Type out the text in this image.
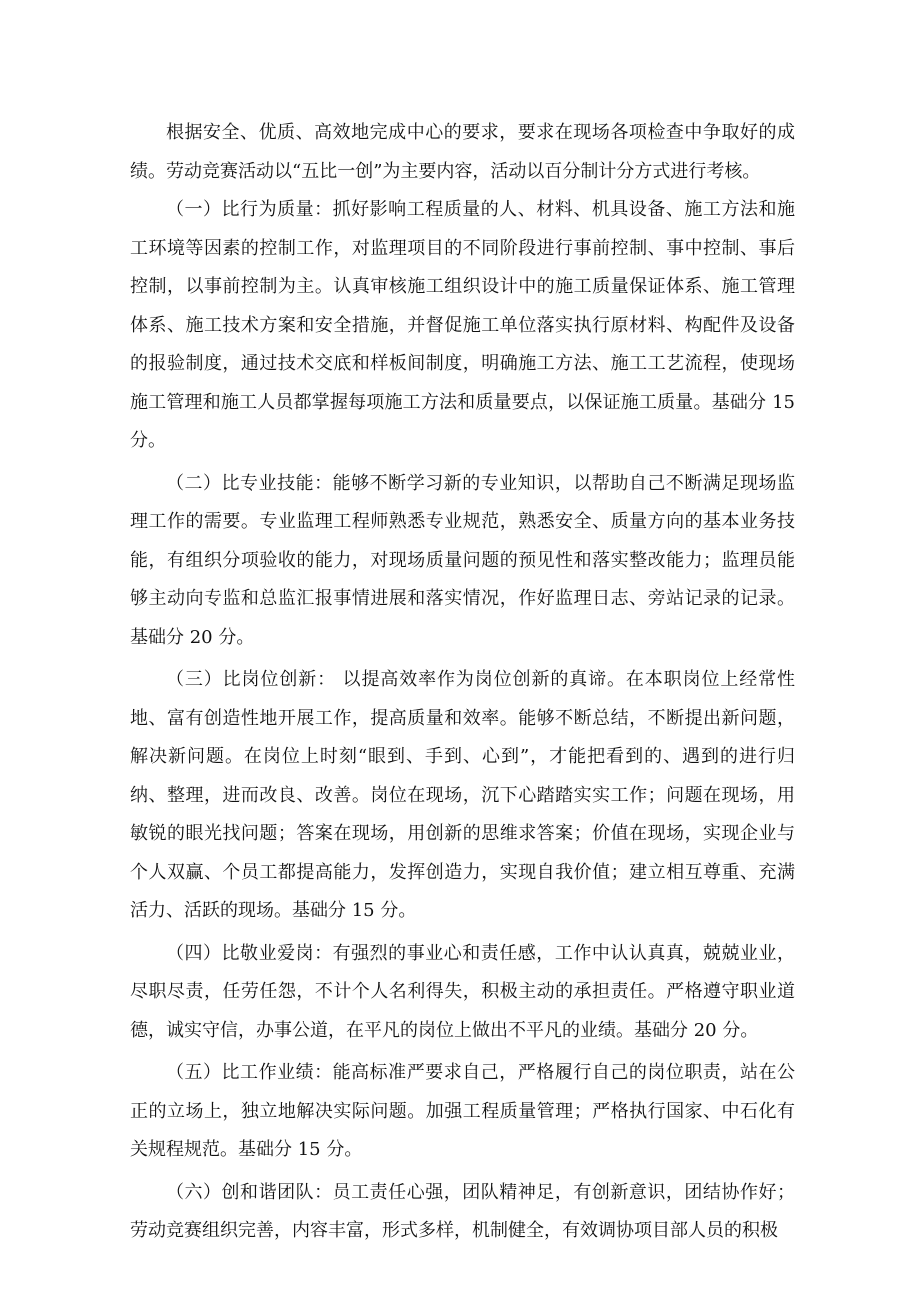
根据安全、优质、高效地完成中心的要求，要求在现场各项检查中争取好的成绩。劳动竞赛活动以“五比一创”为主要内容，活动以百分制计分方式进行考核。

（一）比行为质量：抓好影响工程质量的人、材料、机具设备、施工方法和施工环境等因素的控制工作，对监理项目的不同阶段进行事前控制、事中控制、事后控制，以事前控制为主。认真审核施工组织设计中的施工质量保证体系、施工管理体系、施工技术方案和安全措施，并督促施工单位落实执行原材料、构配件及设备的报验制度，通过技术交底和样板间制度，明确施工方法、施工工艺流程，使现场施工管理和施工人员都掌握每项施工方法和质量要点，以保证施工质量。基础分 15 分。

（二）比专业技能：能够不断学习新的专业知识，以帮助自己不断满足现场监理工作的需要。专业监理工程师熟悉专业规范，熟悉安全、质量方向的基本业务技能，有组织分项验收的能力，对现场质量问题的预见性和落实整改能力；监理员能够主动向专监和总监汇报事情进展和落实情况，作好监理日志、旁站记录的记录。基础分 20 分。

（三）比岗位创新： 以提高效率作为岗位创新的真谛。在本职岗位上经常性地、富有创造性地开展工作，提高质量和效率。能够不断总结，不断提出新问题，解决新问题。在岗位上时刻“眼到、手到、心到”，才能把看到的、遇到的进行归纳、整理，进而改良、改善。岗位在现场，沉下心踏踏实实工作；问题在现场，用敏锐的眼光找问题；答案在现场，用创新的思维求答案；价值在现场，实现企业与个人双赢、个员工都提高能力，发挥创造力，实现自我价值；建立相互尊重、充满活力、活跃的现场。基础分 15 分。

（四）比敬业爱岗：有强烈的事业心和责任感，工作中认认真真，兢兢业业，尽职尽责，任劳任怨，不计个人名利得失，积极主动的承担责任。严格遵守职业道德，诚实守信，办事公道，在平凡的岗位上做出不平凡的业绩。基础分 20 分。

（五）比工作业绩：能高标准严要求自己，严格履行自己的岗位职责，站在公正的立场上，独立地解决实际问题。加强工程质量管理；严格执行国家、中石化有关规程规范。基础分 15 分。

（六）创和谐团队：员工责任心强，团队精神足，有创新意识，团结协作好；劳动竞赛组织完善，内容丰富，形式多样，机制健全，有效调协项目部人员的积极
